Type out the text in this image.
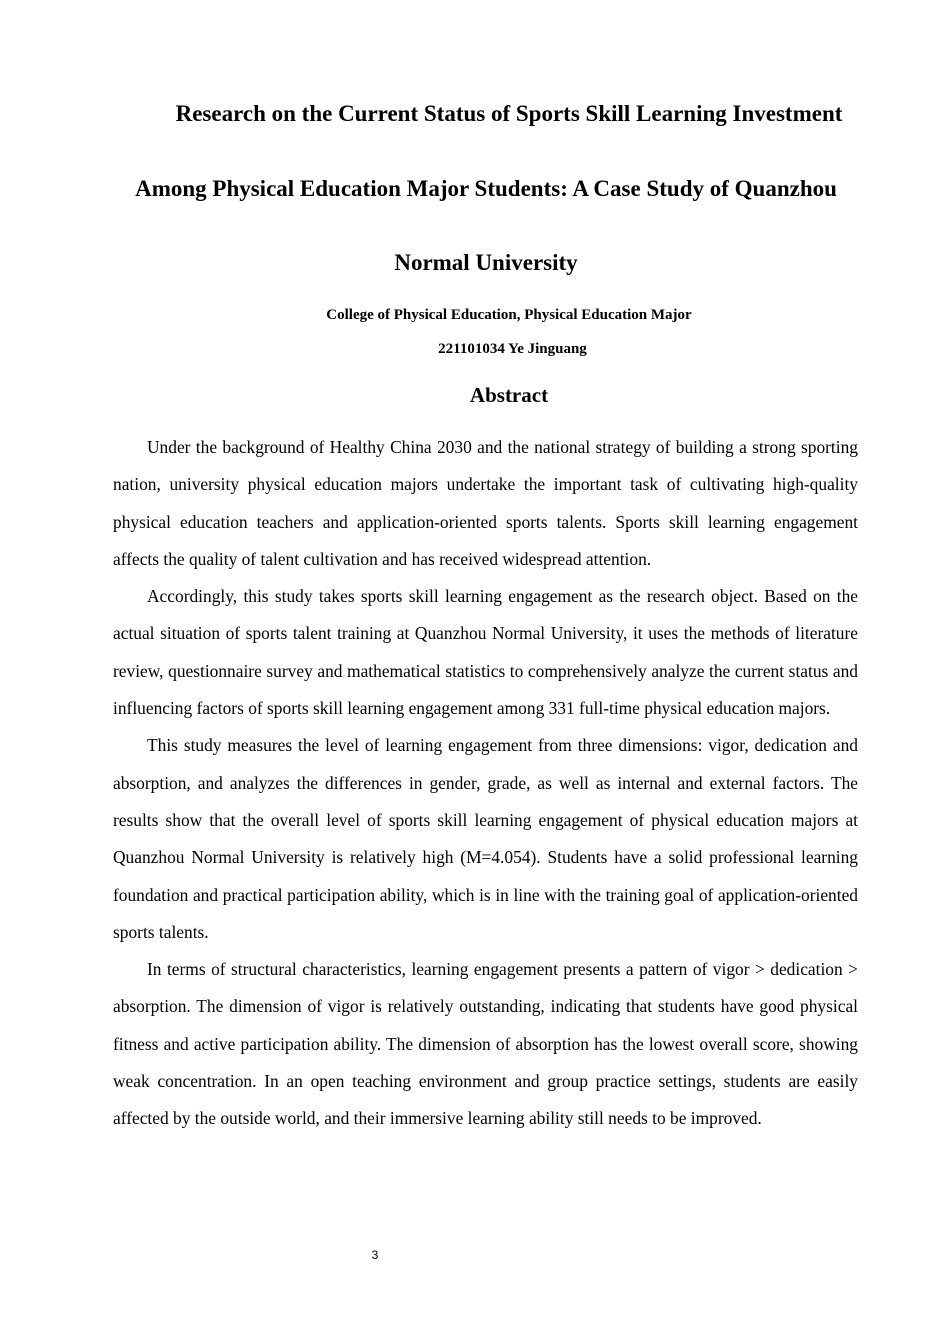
Research on the Current Status of Sports Skill Learning Investment
Among Physical Education Major Students: A Case Study of Quanzhou
Normal University
College of Physical Education, Physical Education Major
221101034 Ye Jinguang
Abstract

Under the background of Healthy China 2030 and the national strategy of building a strong sporting nation, university physical education majors undertake the important task of cultivating high-quality physical education teachers and application-oriented sports talents. Sports skill learning engagement affects the quality of talent cultivation and has received widespread attention.

Accordingly, this study takes sports skill learning engagement as the research object. Based on the actual situation of sports talent training at Quanzhou Normal University, it uses the methods of literature review, questionnaire survey and mathematical statistics to comprehensively analyze the current status and influencing factors of sports skill learning engagement among 331 full-time physical education majors.

This study measures the level of learning engagement from three dimensions: vigor, dedication and absorption, and analyzes the differences in gender, grade, as well as internal and external factors. The results show that the overall level of sports skill learning engagement of physical education majors at Quanzhou Normal University is relatively high (M=4.054). Students have a solid professional learning foundation and practical participation ability, which is in line with the training goal of application-oriented sports talents.

In terms of structural characteristics, learning engagement presents a pattern of vigor > dedication > absorption. The dimension of vigor is relatively outstanding, indicating that students have good physical fitness and active participation ability. The dimension of absorption has the lowest overall score, showing weak concentration. In an open teaching environment and group practice settings, students are easily affected by the outside world, and their immersive learning ability still needs to be improved.

3
